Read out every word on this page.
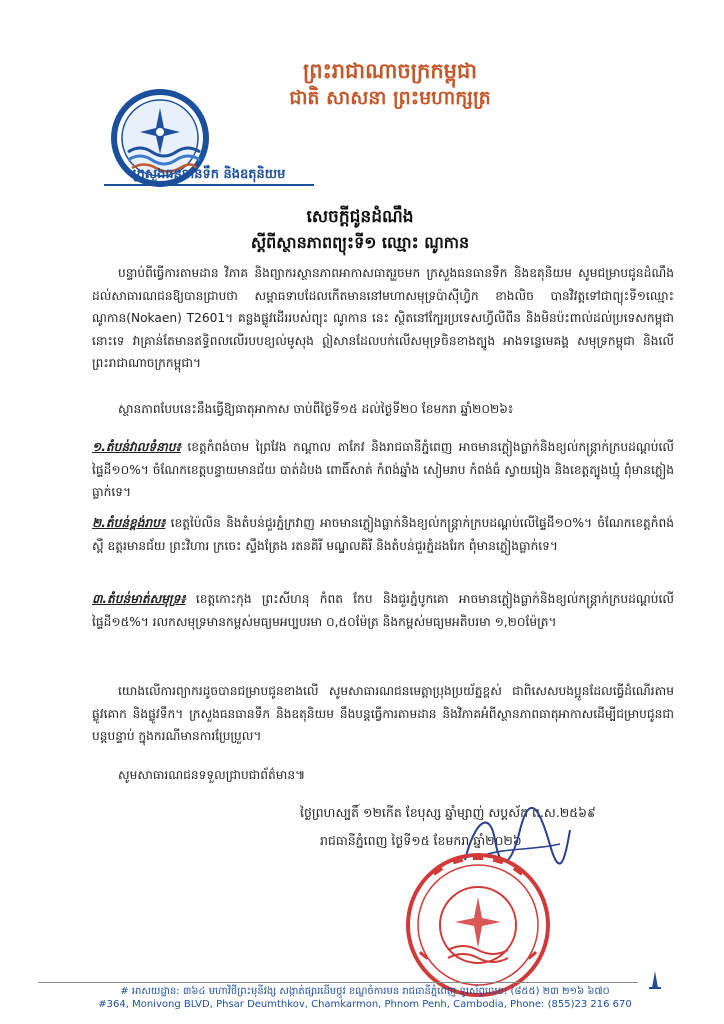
ព្រះរាជាណាចក្រកម្ពុជា
ជាតិ សាសនា ព្រះមហាក្សត្រ
ក្រសួងធនធានទឹក និងឧតុនិយម
សេចក្តីជូនដំណឹង
ស្តីពីស្ថានភាពព្យុះទី១ ឈ្មោះ ណូកាន
បន្ទាប់ពីធ្វើការតាមដាន វិភាគ និងព្យាករស្ថានភាពអាកាសធាតុរួចមក ក្រសួងធនធានទឹក និងឧតុនិយម សូមជម្រាបជូនដំណឹងដល់សាធារណជនឱ្យបានជ្រាបថា សម្ពាធទាបដែលកើតមាននៅមហាសមុទ្រប៉ាស៊ីហ្វិក ខាងលិច បានវិវត្តទៅជាព្យុះទី១ឈ្មោះ ណូកាន(Nokaen) T2601។ គន្លងផ្លូវដើររបស់ព្យុះ ណូកាន នេះ ស្ថិតនៅក្បែរប្រទេសហ្វីលីពីន និងមិនប៉ះពាល់ដល់ប្រទេសកម្ពុជានោះទេ វាគ្រាន់តែមានឥទ្ធិពលលើរបបខ្យល់មូសុង ឦសានដែលបក់លើសមុទ្រចិនខាងត្បូង អាងទន្លេមេគង្គ សមុទ្រកម្ពុជា និងលើព្រះរាជាណាចក្រកម្ពុជា។
ស្ថានភាពបែបនេះនឹងធ្វើឱ្យធាតុអាកាស ចាប់ពីថ្ងៃទី១៥ ដល់ថ្ងៃទី២០ ខែមករា ឆ្នាំ២០២៦៖
១.តំបន់វាលទំនាប៖ ខេត្តកំពង់ចាម ព្រៃវែង កណ្តាល តាកែវ និងរាជធានីភ្នំពេញ អាចមានភ្លៀងធ្លាក់និងខ្យល់កន្ត្រាក់ក្របដណ្តប់លើផ្ទៃដី១០%។ ចំណែកខេត្តបន្ទាយមានជ័យ បាត់ដំបង ពោធិ៍សាត់ កំពង់ឆ្នាំង សៀមរាប កំពង់ធំ ស្វាយរៀង និងខេត្តត្បូងឃ្មុំ ពុំមានភ្លៀងធ្លាក់ទេ។
២.តំបន់ខ្ពង់រាប៖ ខេត្តប៉ៃលិន និងតំបន់ជួរភ្នំក្រវាញ អាចមានភ្លៀងធ្លាក់និងខ្យល់កន្ត្រាក់ក្របដណ្តប់លើផ្ទៃដី១០%។ ចំណែកខេត្តកំពង់ស្ពឺ ឧត្តរមានជ័យ ព្រះវិហារ ក្រចេះ ស្ទឹងត្រែង រតនគិរី មណ្ឌលគិរី និងតំបន់ជួរភ្នំដងរែក ពុំមានភ្លៀងធ្លាក់ទេ។
៣.តំបន់មាត់សមុទ្រ៖ ខេត្តកោះកុង ព្រះសីហនុ កំពត កែប និងជួរភ្នំបូកគោ អាចមានភ្លៀងធ្លាក់និងខ្យល់កន្ត្រាក់ក្របដណ្តប់លើផ្ទៃដី១៥%។ រលកសមុទ្រមានកម្ពស់មធ្យមអប្បបរមា ០,៥០ម៉ែត្រ និងកម្ពស់មធ្យមអតិបរមា ១,២០ម៉ែត្រ។
យោងលើការព្យាករដូចបានជម្រាបជូនខាងលើ សូមសាធារណជនមេត្តាប្រុងប្រយ័ត្នខ្ពស់ ជាពិសេសបងប្អូនដែលធ្វើដំណើរតាមផ្លូវគោក និងផ្លូវទឹក។ ក្រសួងធនធានទឹក និងឧតុនិយម នឹងបន្តធ្វើការតាមដាន និងវិភាគអំពីស្ថានភាពធាតុអាកាសដើម្បីជម្រាបជូនជាបន្តបន្ទាប់ ក្នុងករណីមានការប្រែប្រួល។
សូមសាធារណជនទទួលជ្រាបជាព័ត៌មាន៕
ថ្ងៃព្រហស្បតិ៍ ១២កើត ខែបុស្ស ឆ្នាំម្សាញ់ សប្តស័ក ព.ស.២៥៦៩
រាជធានីភ្នំពេញ ថ្ងៃទី១៥ ខែមករា ឆ្នាំ២០២៦
# អាសយដ្ឋាន: ៣៦៤ មហាវិថីព្រះមុនីវង្ស សង្កាត់ផ្សារដើមថ្កូវ ខណ្ឌចំការមន រាជធានីភ្នំពេញ ទូរស័ព្ទលេខ: (៨៥៥) ២៣ ២១៦ ៦៧០
#364, Monivong BLVD, Phsar Deumthkov, Chamkarmon, Phnom Penh, Cambodia, Phone: (855)23 216 670
